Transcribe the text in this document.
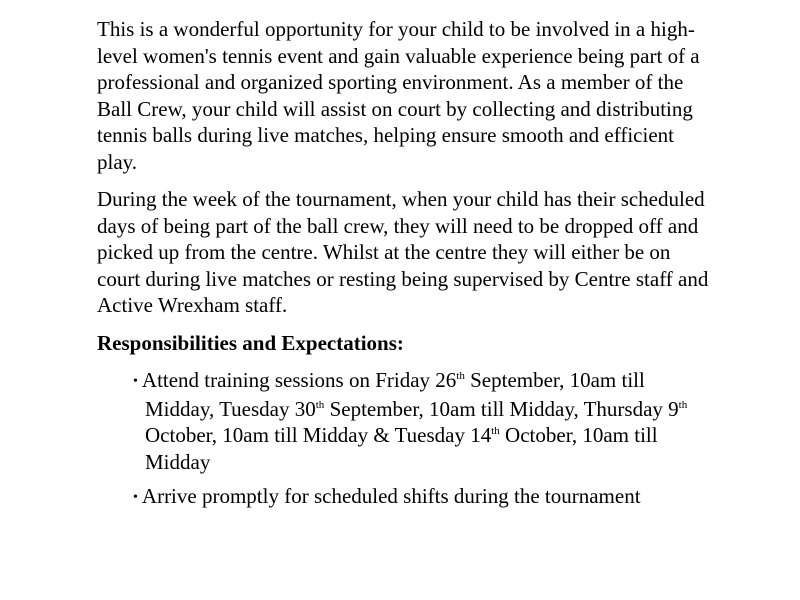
This is a wonderful opportunity for your child to be involved in a high-level women's tennis event and gain valuable experience being part of a professional and organized sporting environment. As a member of the Ball Crew, your child will assist on court by collecting and distributing tennis balls during live matches, helping ensure smooth and efficient play.

During the week of the tournament, when your child has their scheduled days of being part of the ball crew, they will need to be dropped off and picked up from the centre. Whilst at the centre they will either be on court during live matches or resting being supervised by Centre staff and Active Wrexham staff.

Responsibilities and Expectations:

• Attend training sessions on Friday 26th September, 10am till Midday, Tuesday 30th September, 10am till Midday, Thursday 9th October, 10am till Midday & Tuesday 14th October, 10am till Midday
• Arrive promptly for scheduled shifts during the tournament
